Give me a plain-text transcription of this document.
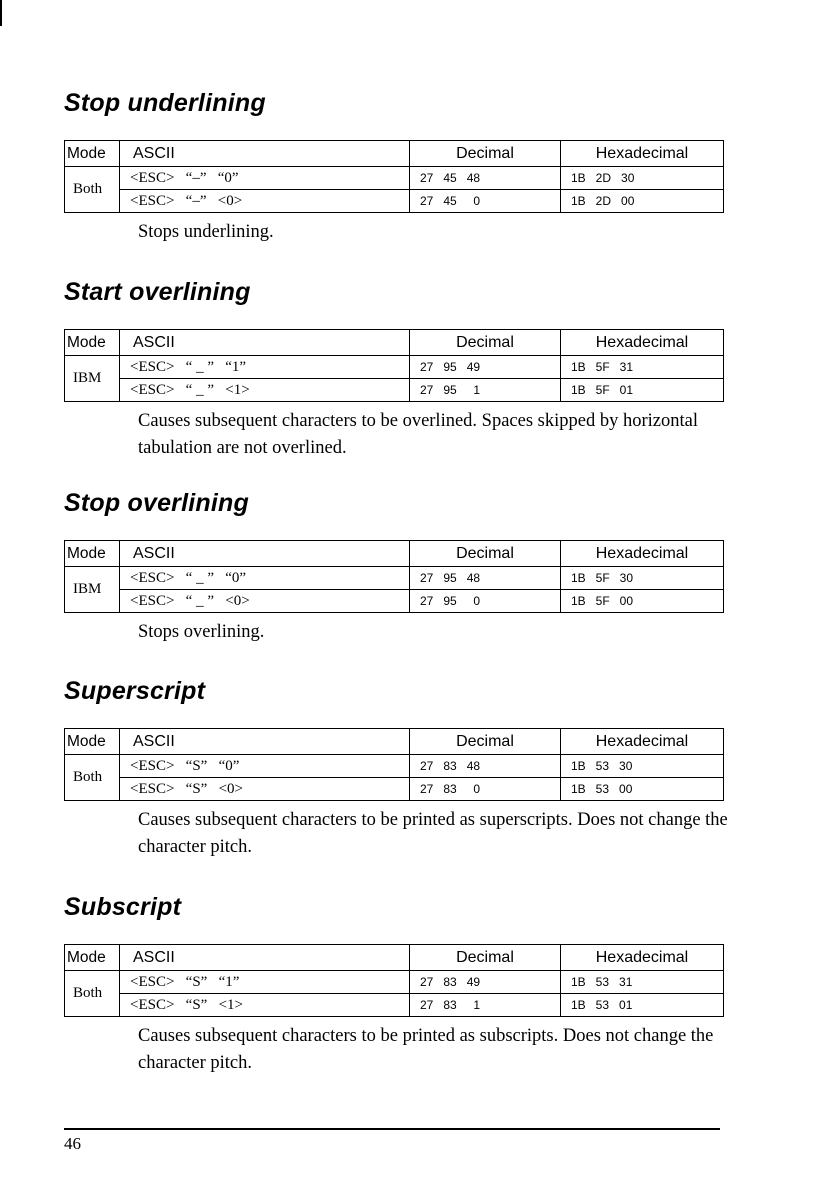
Stop underlining
Mode	ASCII	Decimal	Hexadecimal
Both	<ESC>   “–”   “0”	27   45   48	1B   2D   30
	<ESC>   “–”   <0>	27   45     0	1B   2D   00

Stops underlining.

Start overlining
Mode	ASCII	Decimal	Hexadecimal
IBM	<ESC>   “ _ ”   “1”	27   95   49	1B   5F   31
	<ESC>   “ _ ”   <1>	27   95     1	1B   5F   01

Causes subsequent characters to be overlined. Spaces skipped by horizontal tabulation are not overlined.

Stop overlining
Mode	ASCII	Decimal	Hexadecimal
IBM	<ESC>   “ _ ”   “0”	27   95   48	1B   5F   30
	<ESC>   “ _ ”   <0>	27   95     0	1B   5F   00

Stops overlining.

Superscript
Mode	ASCII	Decimal	Hexadecimal
Both	<ESC>   “S”   “0”	27   83   48	1B   53   30
	<ESC>   “S”   <0>	27   83     0	1B   53   00

Causes subsequent characters to be printed as superscripts. Does not change the character pitch.

Subscript
Mode	ASCII	Decimal	Hexadecimal
Both	<ESC>   “S”   “1”	27   83   49	1B   53   31
	<ESC>   “S”   <1>	27   83     1	1B   53   01

Causes subsequent characters to be printed as subscripts. Does not change the character pitch.

46
